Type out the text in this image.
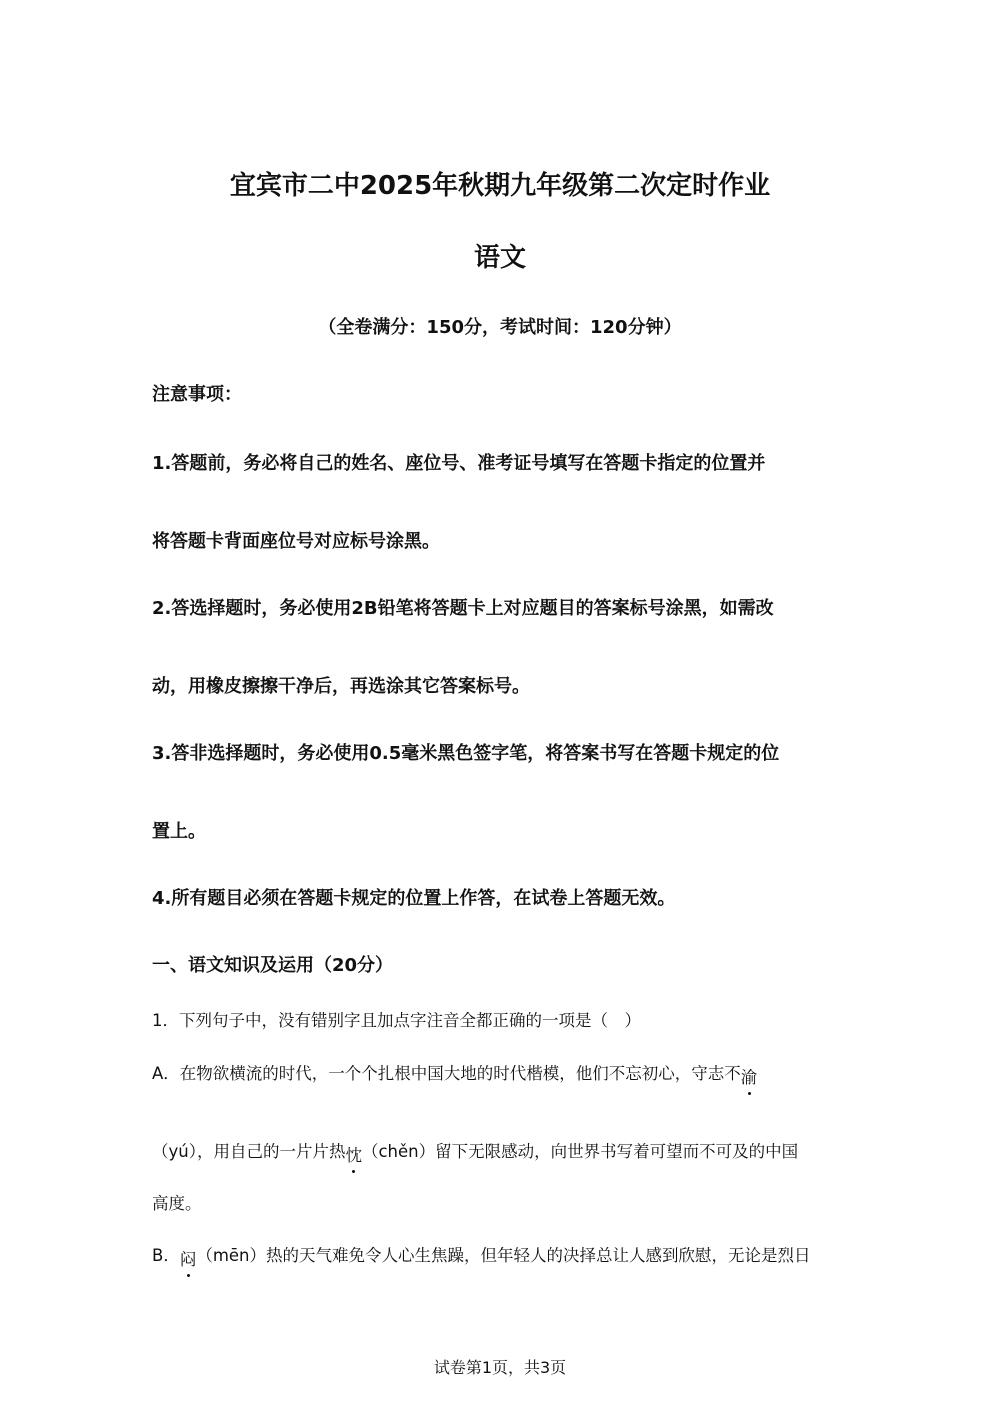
宜宾市二中2025年秋期九年级第二次定时作业
语文
（全卷满分：150分，考试时间：120分钟）
注意事项：
1.答题前，务必将自己的姓名、座位号、准考证号填写在答题卡指定的位置并
将答题卡背面座位号对应标号涂黑。
2.答选择题时，务必使用2B铅笔将答题卡上对应题目的答案标号涂黑，如需改
动，用橡皮擦擦干净后，再选涂其它答案标号。
3.答非选择题时，务必使用0.5毫米黑色签字笔，将答案书写在答题卡规定的位
置上。
4.所有题目必须在答题卡规定的位置上作答，在试卷上答题无效。
一、语文知识及运用（20分）
1．下列句子中，没有错别字且加点字注音全都正确的一项是（　）
A．在物欲横流的时代，一个个扎根中国大地的时代楷模，他们不忘初心，守志不渝
（yú），用自己的一片片热忱（chěn）留下无限感动，向世界书写着可望而不可及的中国
高度。
B．闷（mēn）热的天气难免令人心生焦躁，但年轻人的决择总让人感到欣慰，无论是烈日
试卷第1页，共3页
